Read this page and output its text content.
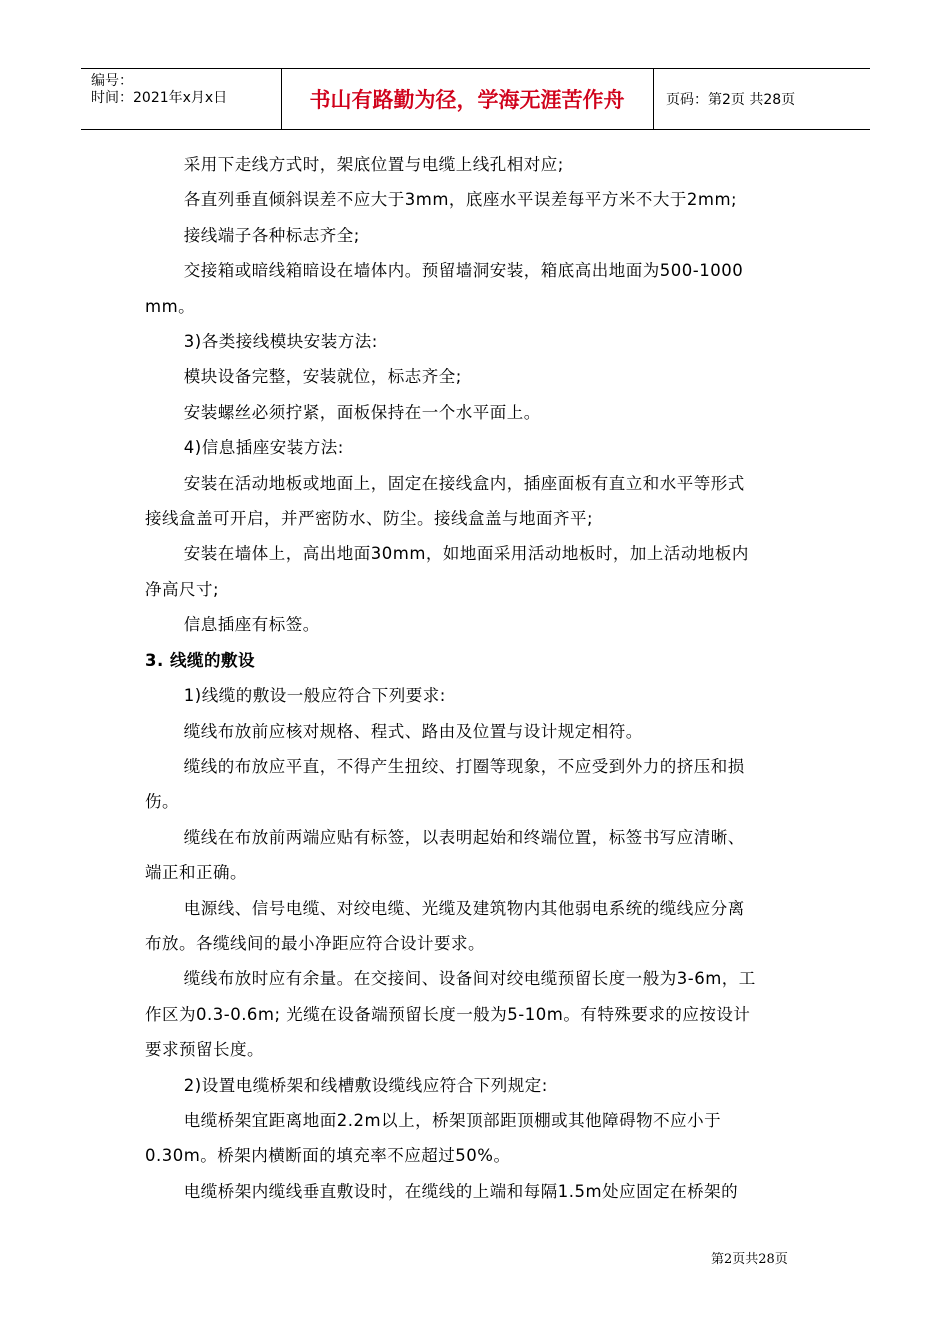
编号：
时间：2021年x月x日	书山有路勤为径，学海无涯苦作舟	页码：第2页 共28页

采用下走线方式时，架底位置与电缆上线孔相对应;

各直列垂直倾斜误差不应大于3mm，底座水平误差每平方米不大于2mm;

接线端子各种标志齐全;

交接箱或暗线箱暗设在墙体内。预留墙洞安装，箱底高出地面为500-1000

mm。

3)各类接线模块安装方法:

模块设备完整，安装就位，标志齐全;

安装螺丝必须拧紧，面板保持在一个水平面上。

4)信息插座安装方法:

安装在活动地板或地面上，固定在接线盒内，插座面板有直立和水平等形式

接线盒盖可开启，并严密防水、防尘。接线盒盖与地面齐平;

安装在墙体上，高出地面30mm，如地面采用活动地板时，加上活动地板内

净高尺寸;

信息插座有标签。

3. 线缆的敷设

1)线缆的敷设一般应符合下列要求:

缆线布放前应核对规格、程式、路由及位置与设计规定相符。

缆线的布放应平直，不得产生扭绞、打圈等现象，不应受到外力的挤压和损

伤。

缆线在布放前两端应贴有标签，以表明起始和终端位置，标签书写应清晰、

端正和正确。

电源线、信号电缆、对绞电缆、光缆及建筑物内其他弱电系统的缆线应分离

布放。各缆线间的最小净距应符合设计要求。

缆线布放时应有余量。在交接间、设备间对绞电缆预留长度一般为3-6m，工

作区为0.3-0.6m; 光缆在设备端预留长度一般为5-10m。有特殊要求的应按设计

要求预留长度。

2)设置电缆桥架和线槽敷设缆线应符合下列规定:

电缆桥架宜距离地面2.2m以上，桥架顶部距顶棚或其他障碍物不应小于

0.30m。桥架内横断面的填充率不应超过50%。

电缆桥架内缆线垂直敷设时，在缆线的上端和每隔1.5m处应固定在桥架的

第2页共28页
